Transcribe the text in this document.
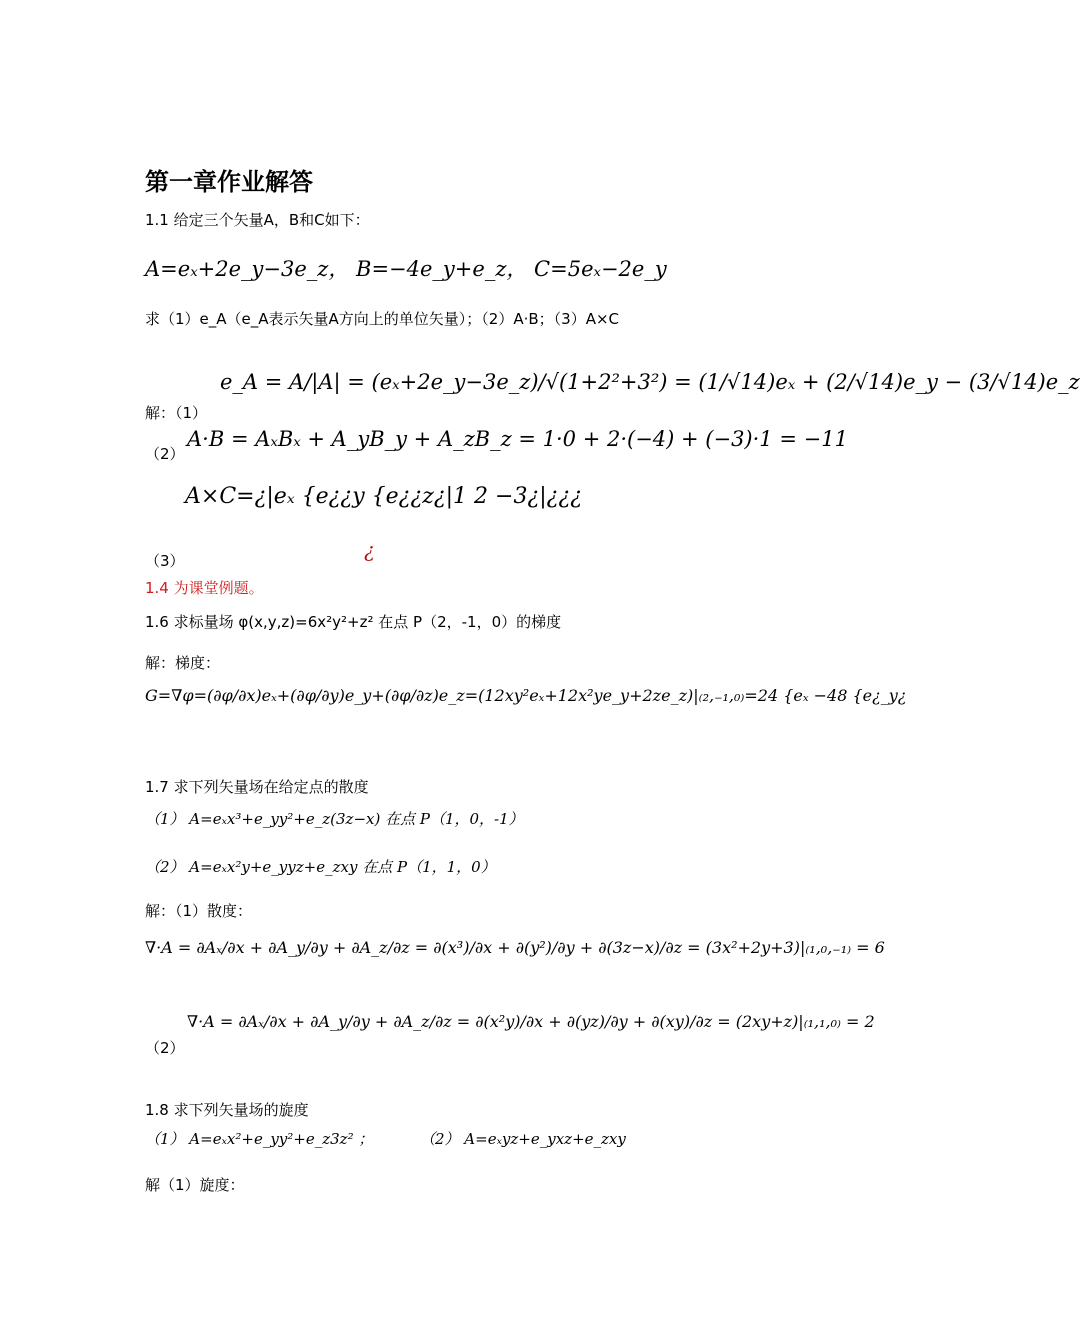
第一章作业解答
1.1 给定三个矢量A，B和C如下：
A=eₓ+2e_y−3e_z， B=−4e_y+e_z， C=5eₓ−2e_y
求（1）e_A（e_A表示矢量A方向上的单位矢量）；（2）A·B；（3）A×C
解：（1）
e_A = A/|A| = (eₓ+2e_y−3e_z)/√(1+2²+3²) = (1/√14)eₓ + (2/√14)e_y − (3/√14)e_z
（2）
A·B = AₓBₓ + A_yB_y + A_zB_z = 1·0 + 2·(−4) + (−3)·1 = −11
A×C=¿|eₓ {e¿¿y {e¿¿z¿|1 2 −3¿|¿¿¿
¿
（3）
1.4 为课堂例题。
1.6 求标量场 φ(x,y,z)=6x²y²+z² 在点 P（2，-1，0）的梯度
解：梯度：
G=∇φ=(∂φ/∂x)eₓ+(∂φ/∂y)e_y+(∂φ/∂z)e_z=(12xy²eₓ+12x²ye_y+2ze_z)|₍₂,₋₁,₀₎=24 {eₓ −48 {e¿_y¿
1.7 求下列矢量场在给定点的散度
（1） A=eₓx³+e_yy²+e_z(3z−x) 在点 P（1，0，-1）
（2） A=eₓx²y+e_yyz+e_zxy 在点 P（1，1，0）
解：（1）散度：
∇·A = ∂Aₓ/∂x + ∂A_y/∂y + ∂A_z/∂z = ∂(x³)/∂x + ∂(y²)/∂y + ∂(3z−x)/∂z = (3x²+2y+3)|₍₁,₀,₋₁₎ = 6
（2）
∇·A = ∂Aₓ/∂x + ∂A_y/∂y + ∂A_z/∂z = ∂(x²y)/∂x + ∂(yz)/∂y + ∂(xy)/∂z = (2xy+z)|₍₁,₁,₀₎ = 2
1.8 求下列矢量场的旋度
（1） A=eₓx²+e_yy²+e_z3z² ；	（2） A=eₓyz+e_yxz+e_zxy
解（1）旋度：
